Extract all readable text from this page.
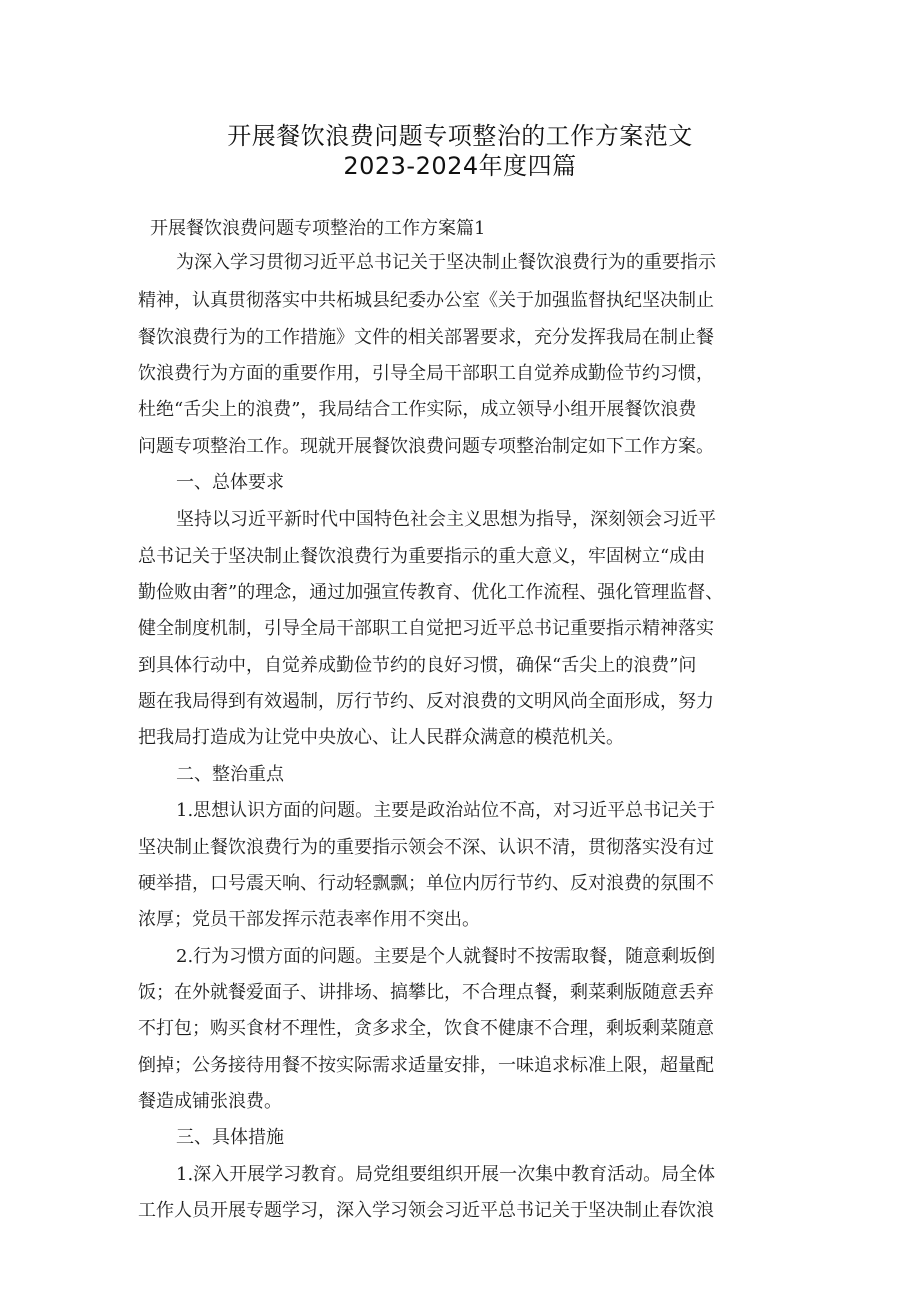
开展餐饮浪费问题专项整治的工作方案范文
2023-2024年度四篇
开展餐饮浪费问题专项整治的工作方案篇1
为深入学习贯彻习近平总书记关于坚决制止餐饮浪费行为的重要指示
精神，认真贯彻落实中共柘城县纪委办公室《关于加强监督执纪坚决制止
餐饮浪费行为的工作措施》文件的相关部署要求，充分发挥我局在制止餐
饮浪费行为方面的重要作用，引导全局干部职工自觉养成勤俭节约习惯，
杜绝“舌尖上的浪费”，我局结合工作实际，成立领导小组开展餐饮浪费
问题专项整治工作。现就开展餐饮浪费问题专项整治制定如下工作方案。
一、总体要求
坚持以习近平新时代中国特色社会主义思想为指导，深刻领会习近平
总书记关于坚决制止餐饮浪费行为重要指示的重大意义，牢固树立“成由
勤俭败由奢”的理念，通过加强宣传教育、优化工作流程、强化管理监督、
健全制度机制，引导全局干部职工自觉把习近平总书记重要指示精神落实
到具体行动中，自觉养成勤俭节约的良好习惯，确保“舌尖上的浪费”问
题在我局得到有效遏制，厉行节约、反对浪费的文明风尚全面形成，努力
把我局打造成为让党中央放心、让人民群众满意的模范机关。
二、整治重点
1.思想认识方面的问题。主要是政治站位不高，对习近平总书记关于
坚决制止餐饮浪费行为的重要指示领会不深、认识不清，贯彻落实没有过
硬举措，口号震天响、行动轻飘飘；单位内厉行节约、反对浪费的氛围不
浓厚；党员干部发挥示范表率作用不突出。
2.行为习惯方面的问题。主要是个人就餐时不按需取餐，随意剩坂倒
饭；在外就餐爱面子、讲排场、搞攀比，不合理点餐，剩菜剩版随意丢弃
不打包；购买食材不理性，贪多求全，饮食不健康不合理，剩坂剩菜随意
倒掉；公务接待用餐不按实际需求适量安排，一味追求标准上限，超量配
餐造成铺张浪费。
三、具体措施
1.深入开展学习教育。局党组要组织开展一次集中教育活动。局全体
工作人员开展专题学习，深入学习领会习近平总书记关于坚决制止春饮浪
